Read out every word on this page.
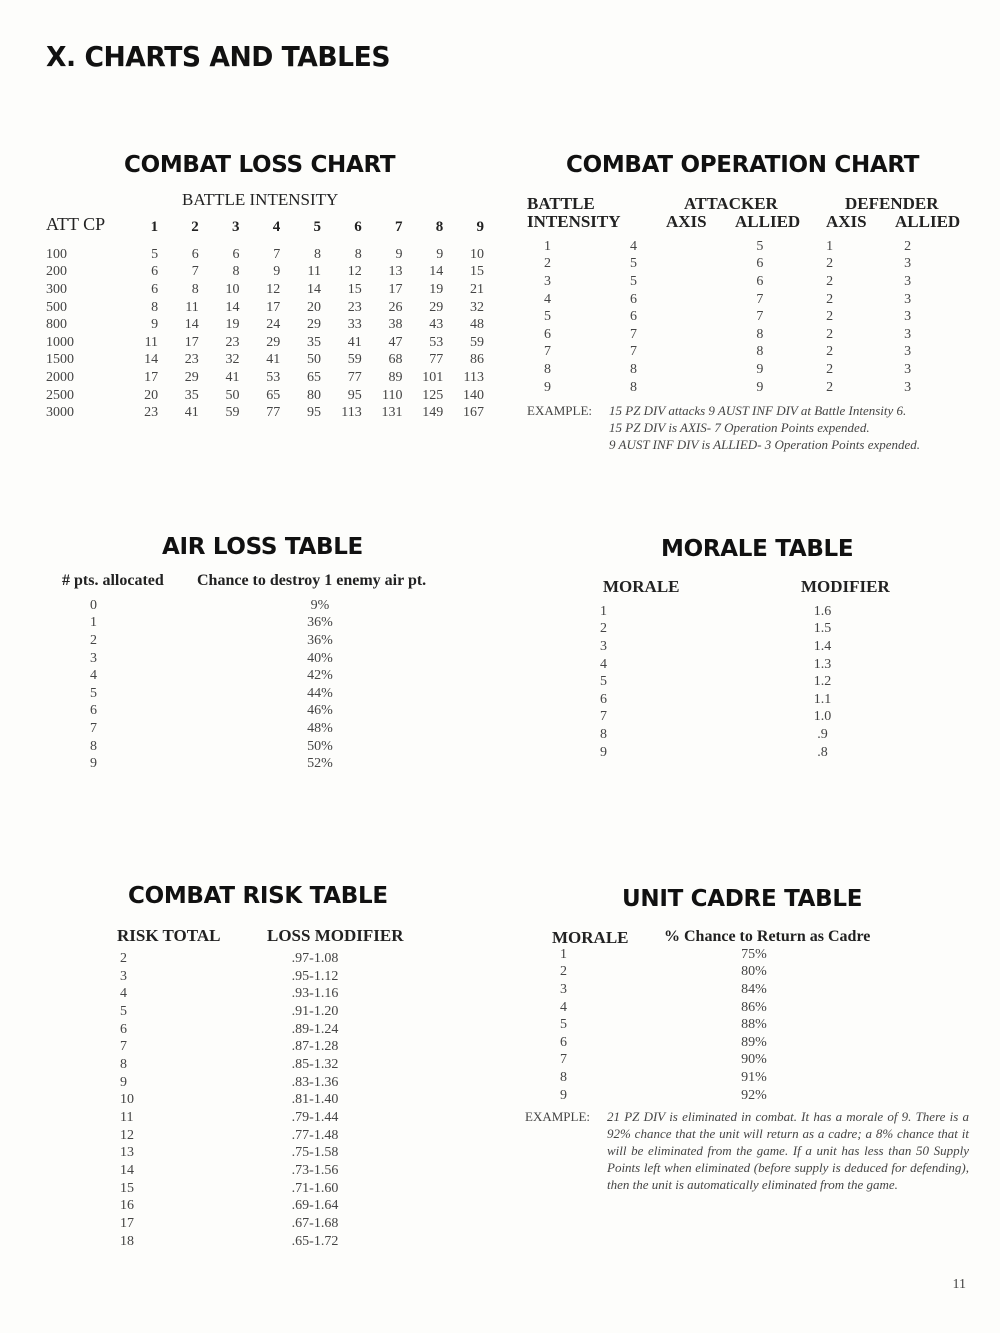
X. CHARTS AND TABLES
COMBAT LOSS CHART
BATTLE INTENSITY
ATT CP
		1	2	3	4	5	6	7	8	9

100	5	6	6	7	8	8	9	9	10
200	6	7	8	9	11	12	13	14	15
300	6	8	10	12	14	15	17	19	21
500	8	11	14	17	20	23	26	29	32
800	9	14	19	24	29	33	38	43	48
1000	11	17	23	29	35	41	47	53	59
1500	14	23	32	41	50	59	68	77	86
2000	17	29	41	53	65	77	89	101	113
2500	20	35	50	65	80	95	110	125	140
3000	23	41	59	77	95	113	131	149	167
COMBAT OPERATION CHART
BATTLE
INTENSITY
ATTACKER	DEFENDER
AXIS ALLIED AXIS ALLIED
1	4	5	1	2
2	5	6	2	3
3	5	6	2	3
4	6	7	2	3
5	6	7	2	3
6	7	8	2	3
7	7	8	2	3
8	8	9	2	3
9	8	9	2	3
EXAMPLE: 15 PZ DIV attacks 9 AUST INF DIV at Battle Intensity 6.
15 PZ DIV is AXIS- 7 Operation Points expended.
9 AUST INF DIV is ALLIED- 3 Operation Points expended.
AIR LOSS TABLE
# pts. allocated Chance to destroy 1 enemy air pt.
0	9%
1	36%
2	36%
3	40%
4	42%
5	44%
6	46%
7	48%
8	50%
9	52%
MORALE TABLE
MORALE	MODIFIER
1	1.6
2	1.5
3	1.4
4	1.3
5	1.2
6	1.1
7	1.0
8	.9
9	.8
COMBAT RISK TABLE
RISK TOTAL	LOSS MODIFIER
2	.97-1.08
3	.95-1.12
4	.93-1.16
5	.91-1.20
6	.89-1.24
7	.87-1.28
8	.85-1.32
9	.83-1.36
10	.81-1.40
11	.79-1.44
12	.77-1.48
13	.75-1.58
14	.73-1.56
15	.71-1.60
16	.69-1.64
17	.67-1.68
18	.65-1.72
UNIT CADRE TABLE
MORALE % Chance to Return as Cadre
1	75%
2	80%
3	84%
4	86%
5	88%
6	89%
7	90%
8	91%
9	92%
EXAMPLE: 21 PZ DIV is eliminated in combat. It has a morale of 9. There is a 92% chance that the unit will return as a cadre; a 8% chance that it will be eliminated from the game. If a unit has less than 50 Supply Points left when eliminated (before supply is deduced for defending), then the unit is automatically eliminated from the game.
11
